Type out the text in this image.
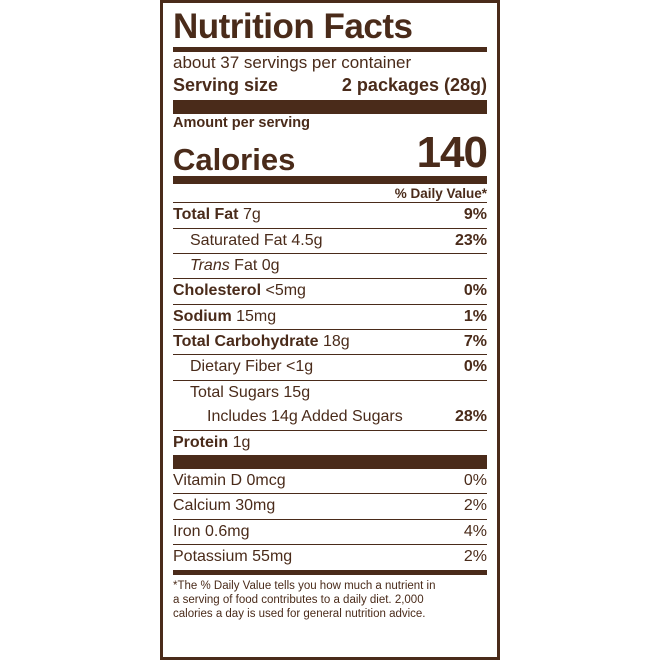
Nutrition Facts
about 37 servings per container
Serving size	2 packages (28g)
Amount per serving
Calories	140
% Daily Value*
Total Fat 7g	9%
Saturated Fat 4.5g	23%
Trans Fat 0g
Cholesterol <5mg	0%
Sodium 15mg	1%
Total Carbohydrate 18g	7%
Dietary Fiber <1g	0%
Total Sugars 15g
Includes 14g Added Sugars	28%
Protein 1g
Vitamin D 0mcg	0%
Calcium 30mg	2%
Iron 0.6mg	4%
Potassium 55mg	2%
*The % Daily Value tells you how much a nutrient in
a serving of food contributes to a daily diet. 2,000
calories a day is used for general nutrition advice.
